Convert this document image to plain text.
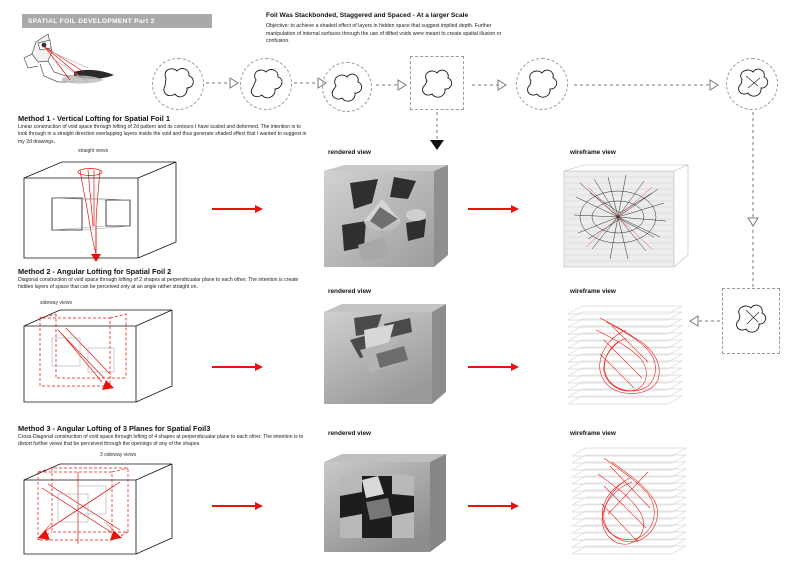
SPATIAL FOIL DEVELOPMENT Part 2
Foil Was Stackbonded, Staggered and Spaced - At a larger Scale
Objective: to achieve a shaded effect of layers in hidden space that suggest implied depth. Further manipulation of internal surfaces through the use of tilfted voids were meant to create spatial illusion or confusion.
Method 1 - Vertical Lofting for Spatial Foil 1
Linear construction of void space through lofting of 2d pattern and its contours I have scaled and deformed. The intention is to look through in a straight direction overlapping layers inside the void and thus generate shaded effect that I wanted to suggest in my 2d drawings.
straight views	rendered view	wireframe view
Method 2 - Angular Lofting for Spatial Foil 2
Diagonal construction of void space through lofting of 2 shapes at perpendicualar plane to each other. The intention is create hidden layers of space that can be perceived only at an angle rather straight on.
sideway views
rendered view	wireframe view
Method 3 - Angular Lofting of 3 Planes for Spatial Foil3
Cross-Diagonal construction of void space through lofting of 4 shapes at perpendicualar plane to each other. The intention is to distort further views that be perceived through the openings of any of the shapes.
3 sideway views
rendered view	wireframe view
